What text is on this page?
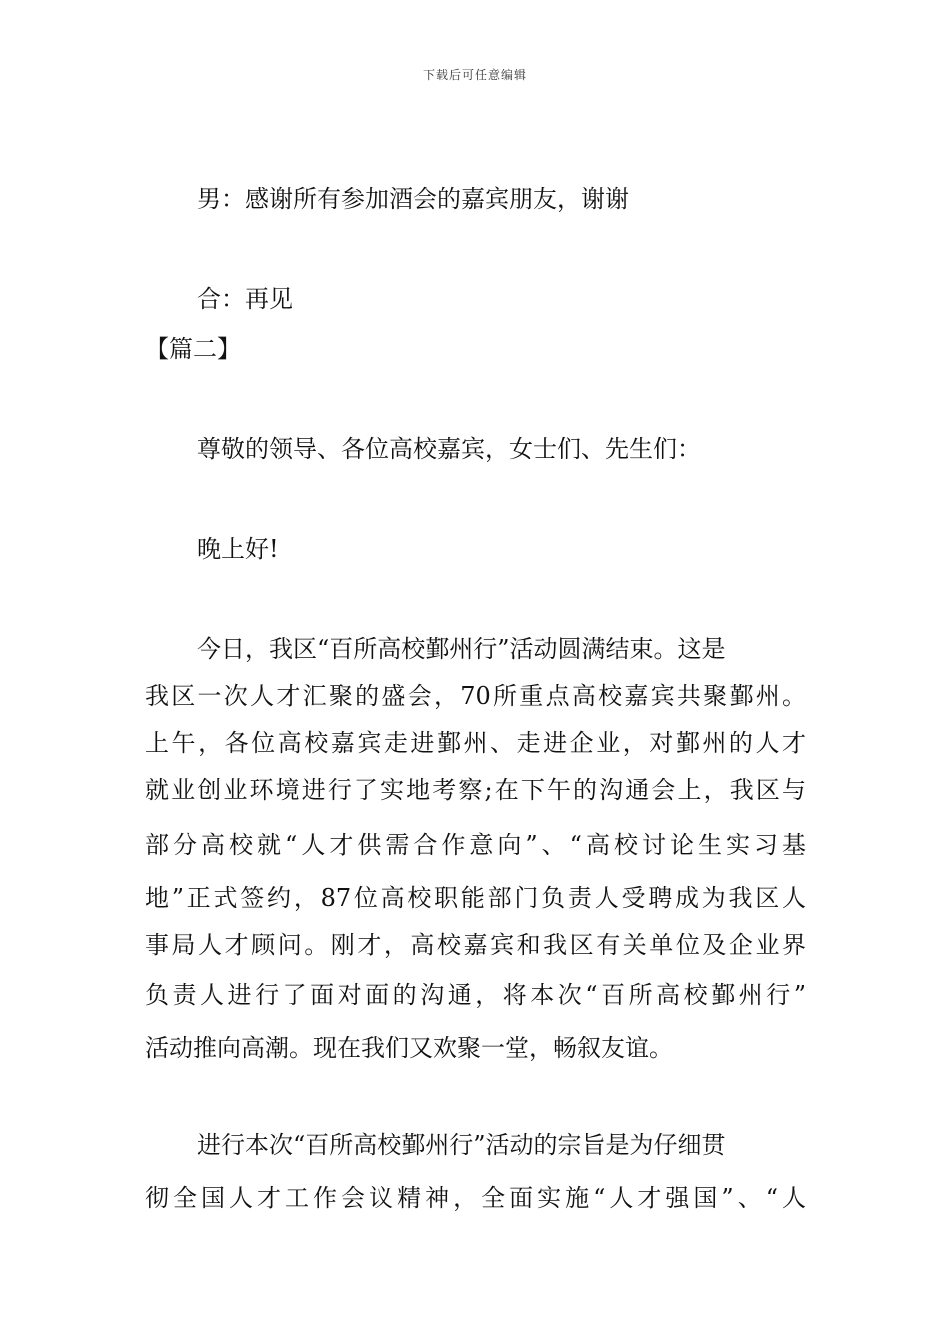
下载后可任意编辑
男：感谢所有参加酒会的嘉宾朋友，谢谢
合：再见
【篇二】
尊敬的领导、各位高校嘉宾，女士们、先生们：
晚上好!
今日，我区“百所高校鄞州行”活动圆满结束。这是
我区一次人才汇聚的盛会，70所重点高校嘉宾共聚鄞州。
上午，各位高校嘉宾走进鄞州、走进企业，对鄞州的人才
就业创业环境进行了实地考察;在下午的沟通会上，我区与
部分高校就“人才供需合作意向”、“高校讨论生实习基
地”正式签约，87位高校职能部门负责人受聘成为我区人
事局人才顾问。刚才，高校嘉宾和我区有关单位及企业界
负责人进行了面对面的沟通，将本次“百所高校鄞州行”
活动推向高潮。现在我们又欢聚一堂，畅叙友谊。
进行本次“百所高校鄞州行”活动的宗旨是为仔细贯
彻全国人才工作会议精神，全面实施“人才强国”、“人
